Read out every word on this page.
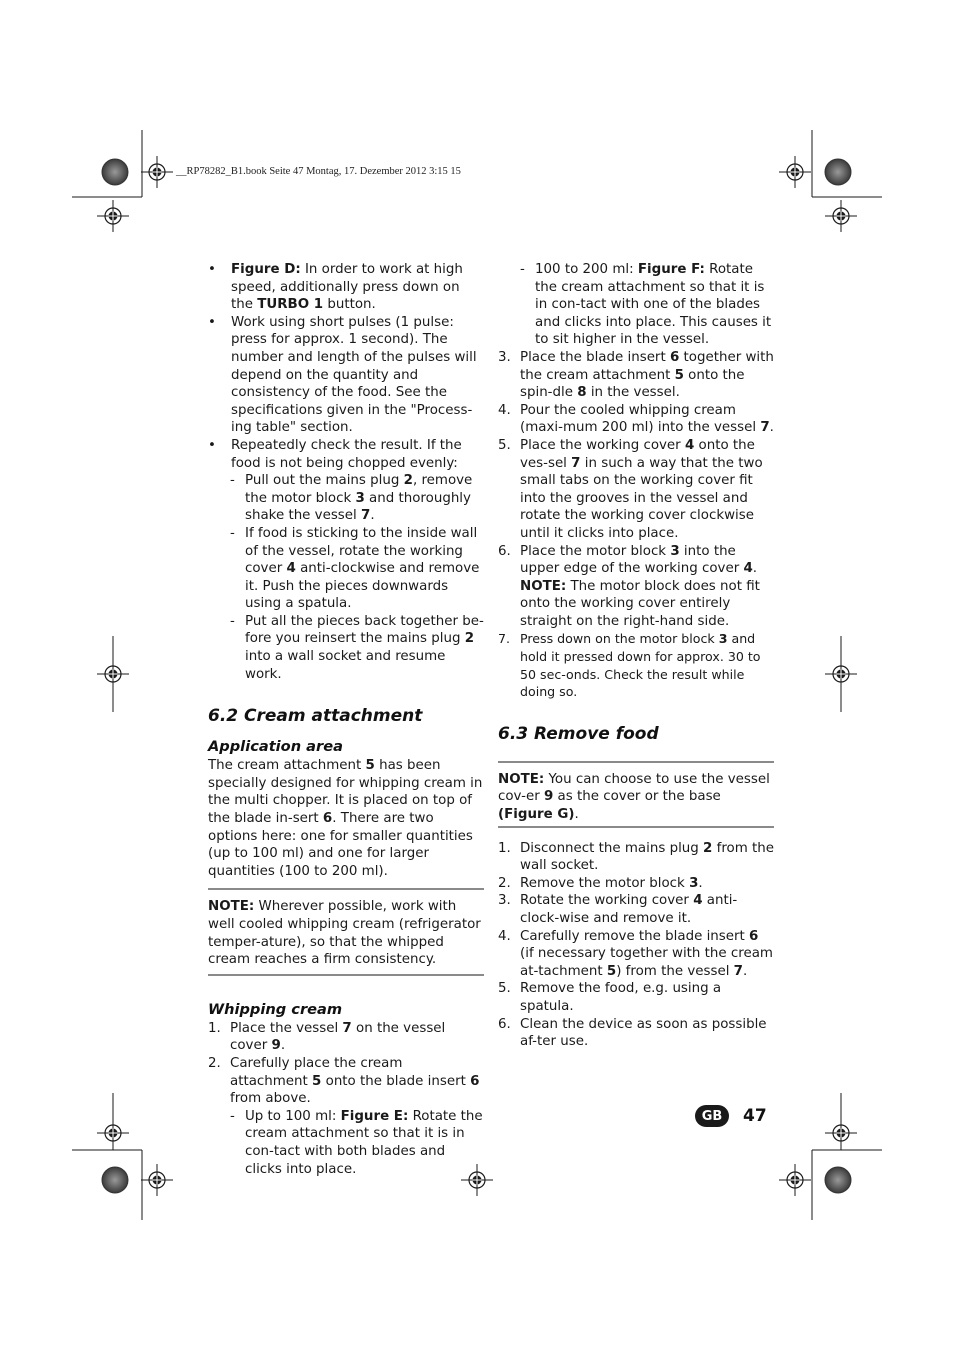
__RP78282_B1.book Seite 47 Montag, 17. Dezember 2012 3:15 15
• Figure D: In order to work at high speed, additionally press down on the TURBO 1 button.
• Work using short pulses (1 pulse: press for approx. 1 second). The number and length of the pulses will depend on the quantity and consistency of the food. See the specifications given in the "Process-ing table" section.
• Repeatedly check the result. If the food is not being chopped evenly:
- Pull out the mains plug 2, remove the motor block 3 and thoroughly shake the vessel 7.
- If food is sticking to the inside wall of the vessel, rotate the working cover 4 anti-clockwise and remove it. Push the pieces downwards using a spatula.
- Put all the pieces back together be-fore you reinsert the mains plug 2 into a wall socket and resume work.
6.2 Cream attachment
Application area

The cream attachment 5 has been specially designed for whipping cream in the multi chopper. It is placed on top of the blade in-sert 6. There are two options here: one for smaller quantities (up to 100 ml) and one for larger quantities (100 to 200 ml).

NOTE: Wherever possible, work with well cooled whipping cream (refrigerator temper-ature), so that the whipped cream reaches a firm consistency.
Whipping cream
1. Place the vessel 7 on the vessel cover 9.
2. Carefully place the cream attachment 5 onto the blade insert 6 from above.
- Up to 100 ml: Figure E: Rotate the cream attachment so that it is in con-tact with both blades and clicks into place.
- 100 to 200 ml: Figure F: Rotate the cream attachment so that it is in con-tact with one of the blades and clicks into place. This causes it to sit higher in the vessel.
3. Place the blade insert 6 together with the cream attachment 5 onto the spin-dle 8 in the vessel.
4. Pour the cooled whipping cream (maxi-mum 200 ml) into the vessel 7.
5. Place the working cover 4 onto the ves-sel 7 in such a way that the two small tabs on the working cover fit into the grooves in the vessel and rotate the working cover clockwise until it clicks into place.
6. Place the motor block 3 into the upper edge of the working cover 4.
NOTE: The motor block does not fit onto the working cover entirely straight on the right-hand side.
7. Press down on the motor block 3 and hold it pressed down for approx. 30 to 50 sec-onds. Check the result while doing so.
6.3 Remove food
NOTE: You can choose to use the vessel cov-er 9 as the cover or the base (Figure G).
1. Disconnect the mains plug 2 from the wall socket.
2. Remove the motor block 3.
3. Rotate the working cover 4 anti-clock-wise and remove it.
4. Carefully remove the blade insert 6 (if necessary together with the cream at-tachment 5) from the vessel 7.
5. Remove the food, e.g. using a spatula.
6. Clean the device as soon as possible af-ter use.
GB	47
